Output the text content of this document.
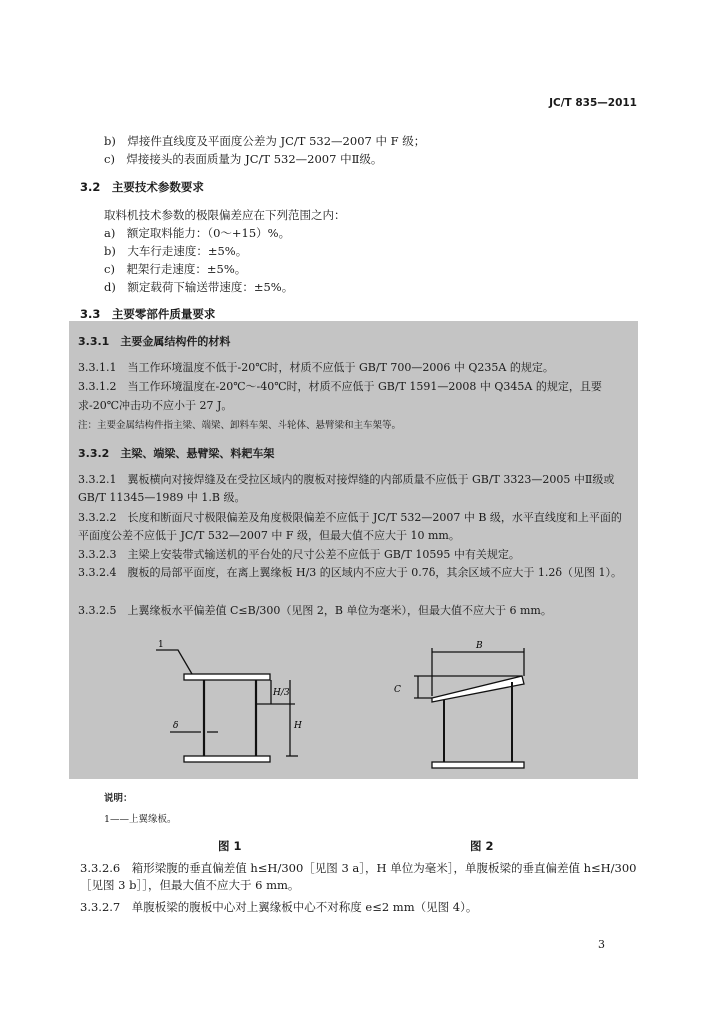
JC/T 835—2011
b)　焊接件直线度及平面度公差为 JC/T 532—2007 中 F 级；
c)　焊接接头的表面质量为 JC/T 532—2007 中Ⅱ级。
3.2　主要技术参数要求
取料机技术参数的极限偏差应在下列范围之内：
a)　额定取料能力：（0～+15）%。
b)　大车行走速度：±5%。
c)　耙架行走速度：±5%。
d)　额定载荷下输送带速度：±5%。
3.3　主要零部件质量要求
3.3.1　主要金属结构件的材料
3.3.1.1　当工作环境温度不低于-20℃时，材质不应低于 GB/T 700—2006 中 Q235A 的规定。
3.3.1.2　当工作环境温度在-20℃～-40℃时，材质不应低于 GB/T 1591—2008 中 Q345A 的规定，且要
求-20℃冲击功不应小于 27 J。
注：主要金属结构件指主梁、端梁、卸料车架、斗轮体、悬臂梁和主车架等。
3.3.2　主梁、端梁、悬臂梁、料耙车架
3.3.2.1　翼板横向对接焊缝及在受拉区域内的腹板对接焊缝的内部质量不应低于 GB/T 3323—2005 中Ⅱ级或 GB/T 11345—1989 中 1.B 级。
3.3.2.2　长度和断面尺寸极限偏差及角度极限偏差不应低于 JC/T 532—2007 中 B 级，水平直线度和上平面的平面度公差不应低于 JC/T 532—2007 中 F 级，但最大值不应大于 10 mm。
3.3.2.3　主梁上安装带式输送机的平台处的尺寸公差不应低于 GB/T 10595 中有关规定。
3.3.2.4　腹板的局部平面度，在离上翼缘板 H/3 的区域内不应大于 0.7δ，其余区域不应大于 1.2δ（见图 1）。
3.3.2.5　上翼缘板水平偏差值 C≤B/300（见图 2，B 单位为毫米），但最大值不应大于 6 mm。
1
H/3
H
δ
B
C
说明：
1——上翼缘板。
图 1	图 2
3.3.2.6　箱形梁腹的垂直偏差值 h≤H/300［见图 3 a］，H 单位为毫米］，单腹板梁的垂直偏差值 h≤H/300［见图 3 b］］，但最大值不应大于 6 mm。
3.3.2.7　单腹板梁的腹板中心对上翼缘板中心不对称度 e≤2 mm（见图 4）。
3
